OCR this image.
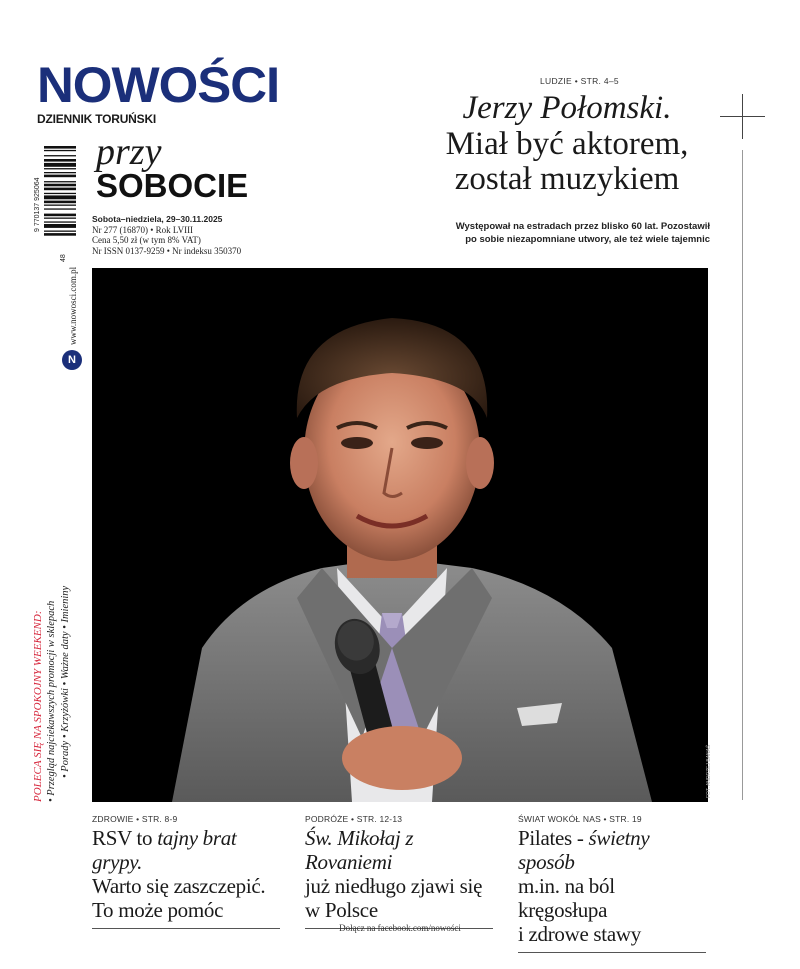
NOWOŚCI
DZIENNIK TORUŃSKI
przy
SOBOCIE
Sobota–niedziela, 29–30.11.2025
Nr 277 (16870) • Rok LVIII
Cena 5,50 zł (w tym 8% VAT)
Nr ISSN 0137-9259 • Nr indeksu 350370
9 770137 925064
48
www.nowosci.com.pl
N
POLECA SIĘ NA SPOKOJNY WEEKEND: • Przegląd najciekawszych promocji w sklepach • Porady • Krzyżówki • Ważne daty • Imieniny
LUDZIE • STR. 4–5
Jerzy Połomski.
Miał być aktorem,
został muzykiem
Występował na estradach przez blisko 60 lat. Pozostawił
po sobie niezapomniane utwory, ale też wiele tajemnic
FOT. ANDRZEJ BANAŚ
ZDROWIE • STR. 8-9
RSV to tajny brat grypy.
Warto się zaszczepić.
To może pomóc
PODRÓŻE • STR. 12-13
Św. Mikołaj z Rovaniemi
już niedługo zjawi się
w Polsce
ŚWIAT WOKÓŁ NAS • STR. 19
Pilates - świetny sposób
m.in. na ból kręgosłupa
i zdrowe stawy
Dołącz na facebook.com/nowości
